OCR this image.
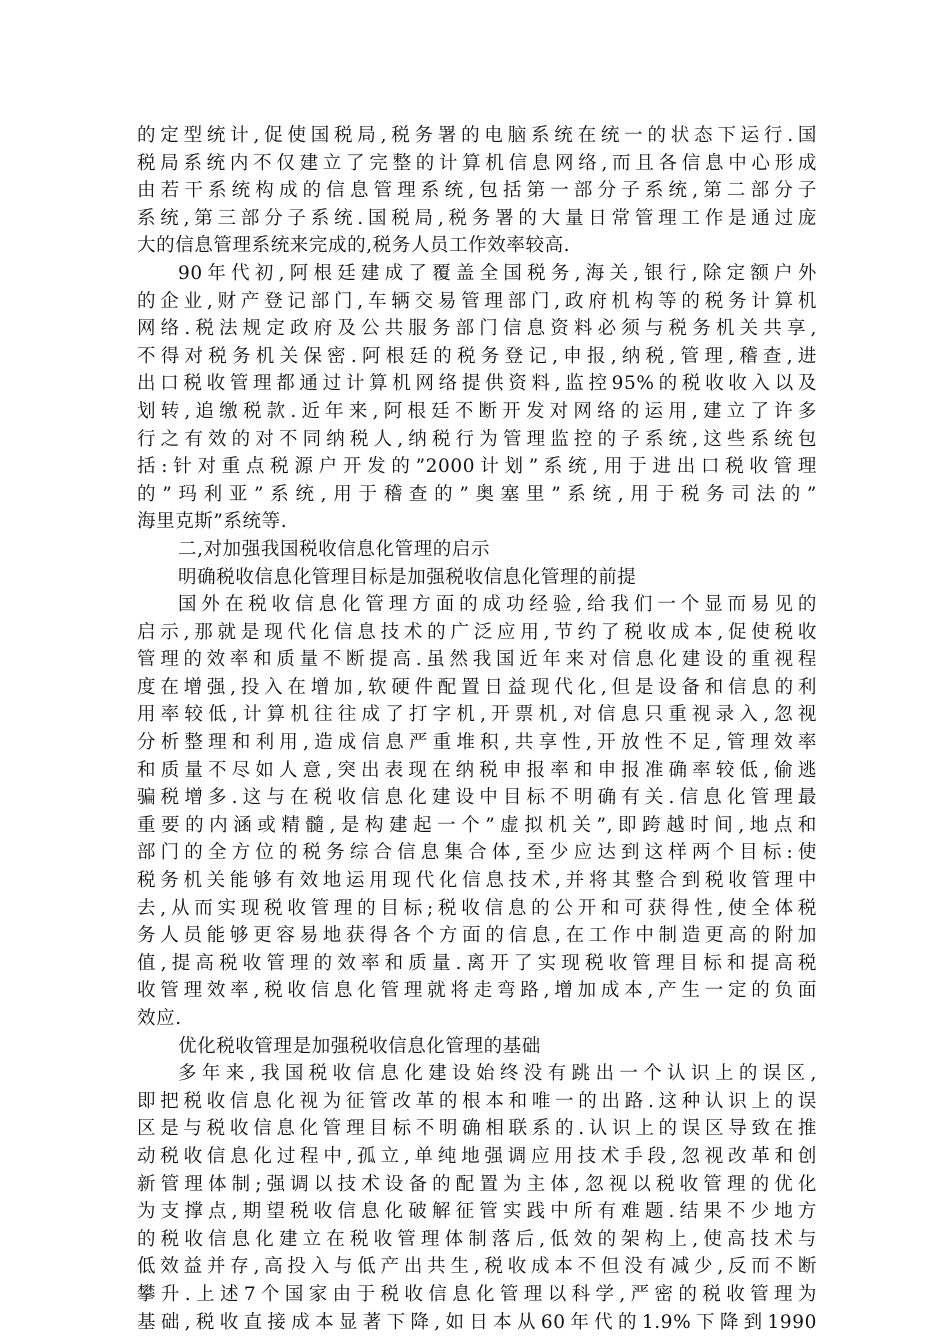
的定型统计,促使国税局,税务署的电脑系统在统一的状态下运行.国
税局系统内不仅建立了完整的计算机信息网络,而且各信息中心形成
由若干系统构成的信息管理系统,包括第一部分子系统,第二部分子
系统,第三部分子系统.国税局,税务署的大量日常管理工作是通过庞
大的信息管理系统来完成的,税务人员工作效率较高.
90年代初,阿根廷建成了覆盖全国税务,海关,银行,除定额户外
的企业,财产登记部门,车辆交易管理部门,政府机构等的税务计算机
网络.税法规定政府及公共服务部门信息资料必须与税务机关共享,
不得对税务机关保密.阿根廷的税务登记,申报,纳税,管理,稽查,进
出口税收管理都通过计算机网络提供资料,监控95%的税收收入以及
划转,追缴税款.近年来,阿根廷不断开发对网络的运用,建立了许多
行之有效的对不同纳税人,纳税行为管理监控的子系统,这些系统包
括:针对重点税源户开发的”2000计划”系统,用于进出口税收管理
的”玛利亚”系统,用于稽查的”奥塞里”系统,用于税务司法的”
海里克斯”系统等.
二,对加强我国税收信息化管理的启示
明确税收信息化管理目标是加强税收信息化管理的前提
国外在税收信息化管理方面的成功经验,给我们一个显而易见的
启示,那就是现代化信息技术的广泛应用,节约了税收成本,促使税收
管理的效率和质量不断提高.虽然我国近年来对信息化建设的重视程
度在增强,投入在增加,软硬件配置日益现代化,但是设备和信息的利
用率较低,计算机往往成了打字机,开票机,对信息只重视录入,忽视
分析整理和利用,造成信息严重堆积,共享性,开放性不足,管理效率
和质量不尽如人意,突出表现在纳税申报率和申报准确率较低,偷逃
骗税增多.这与在税收信息化建设中目标不明确有关.信息化管理最
重要的内涵或精髓,是构建起一个”虚拟机关”,即跨越时间,地点和
部门的全方位的税务综合信息集合体,至少应达到这样两个目标:使
税务机关能够有效地运用现代化信息技术,并将其整合到税收管理中
去,从而实现税收管理的目标;税收信息的公开和可获得性,使全体税
务人员能够更容易地获得各个方面的信息,在工作中制造更高的附加
值,提高税收管理的效率和质量.离开了实现税收管理目标和提高税
收管理效率,税收信息化管理就将走弯路,增加成本,产生一定的负面
效应.
优化税收管理是加强税收信息化管理的基础
多年来,我国税收信息化建设始终没有跳出一个认识上的误区,
即把税收信息化视为征管改革的根本和唯一的出路.这种认识上的误
区是与税收信息化管理目标不明确相联系的.认识上的误区导致在推
动税收信息化过程中,孤立,单纯地强调应用技术手段,忽视改革和创
新管理体制;强调以技术设备的配置为主体,忽视以税收管理的优化
为支撑点,期望税收信息化破解征管实践中所有难题.结果不少地方
的税收信息化建立在税收管理体制落后,低效的架构上,使高技术与
低效益并存,高投入与低产出共生,税收成本不但没有减少,反而不断
攀升.上述7个国家由于税收信息化管理以科学,严密的税收管理为
基础,税收直接成本显著下降,如日本从60年代的1.9%下降到1990
